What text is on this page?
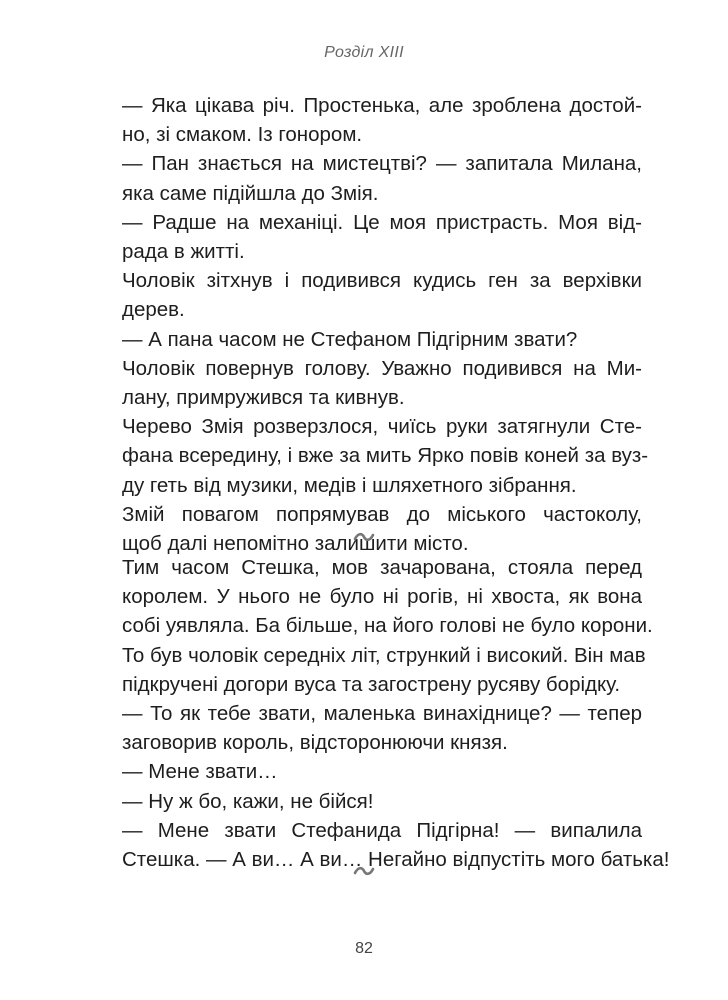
Розділ XIII
— Яка цікава річ. Простенька, але зроблена достой-
но, зі смаком. Із гонором.
— Пан знається на мистецтві? — запитала Милана,
яка саме підійшла до Змія.
— Радше на механіці. Це моя пристрасть. Моя від-
рада в житті.
Чоловік зітхнув і подивився кудись ген за верхівки
дерев.
— А пана часом не Стефаном Підгірним звати?
Чоловік повернув голову. Уважно подивився на Ми-
лану, примружився та кивнув.
Черево Змія розверзлося, чиїсь руки затягнули Сте-
фана всередину, і вже за мить Ярко повів коней за вуз-
ду геть від музики, медів і шляхетного зібрання.
Змій повагом попрямував до міського частоколу,
щоб далі непомітно залишити місто.
Тим часом Стешка, мов зачарована, стояла перед
королем. У нього не було ні рогів, ні хвоста, як вона
собі уявляла. Ба більше, на його голові не було корони.
То був чоловік середніх літ, стрункий і високий. Він мав
підкручені догори вуса та загострену русяву борідку.
— То як тебе звати, маленька винахіднице? — тепер
заговорив король, відсторонюючи князя.
— Мене звати…
— Ну ж бо, кажи, не бійся!
— Мене звати Стефанида Підгірна! — випалила
Стешка. — А ви… А ви… Негайно відпустіть мого батька!
82
